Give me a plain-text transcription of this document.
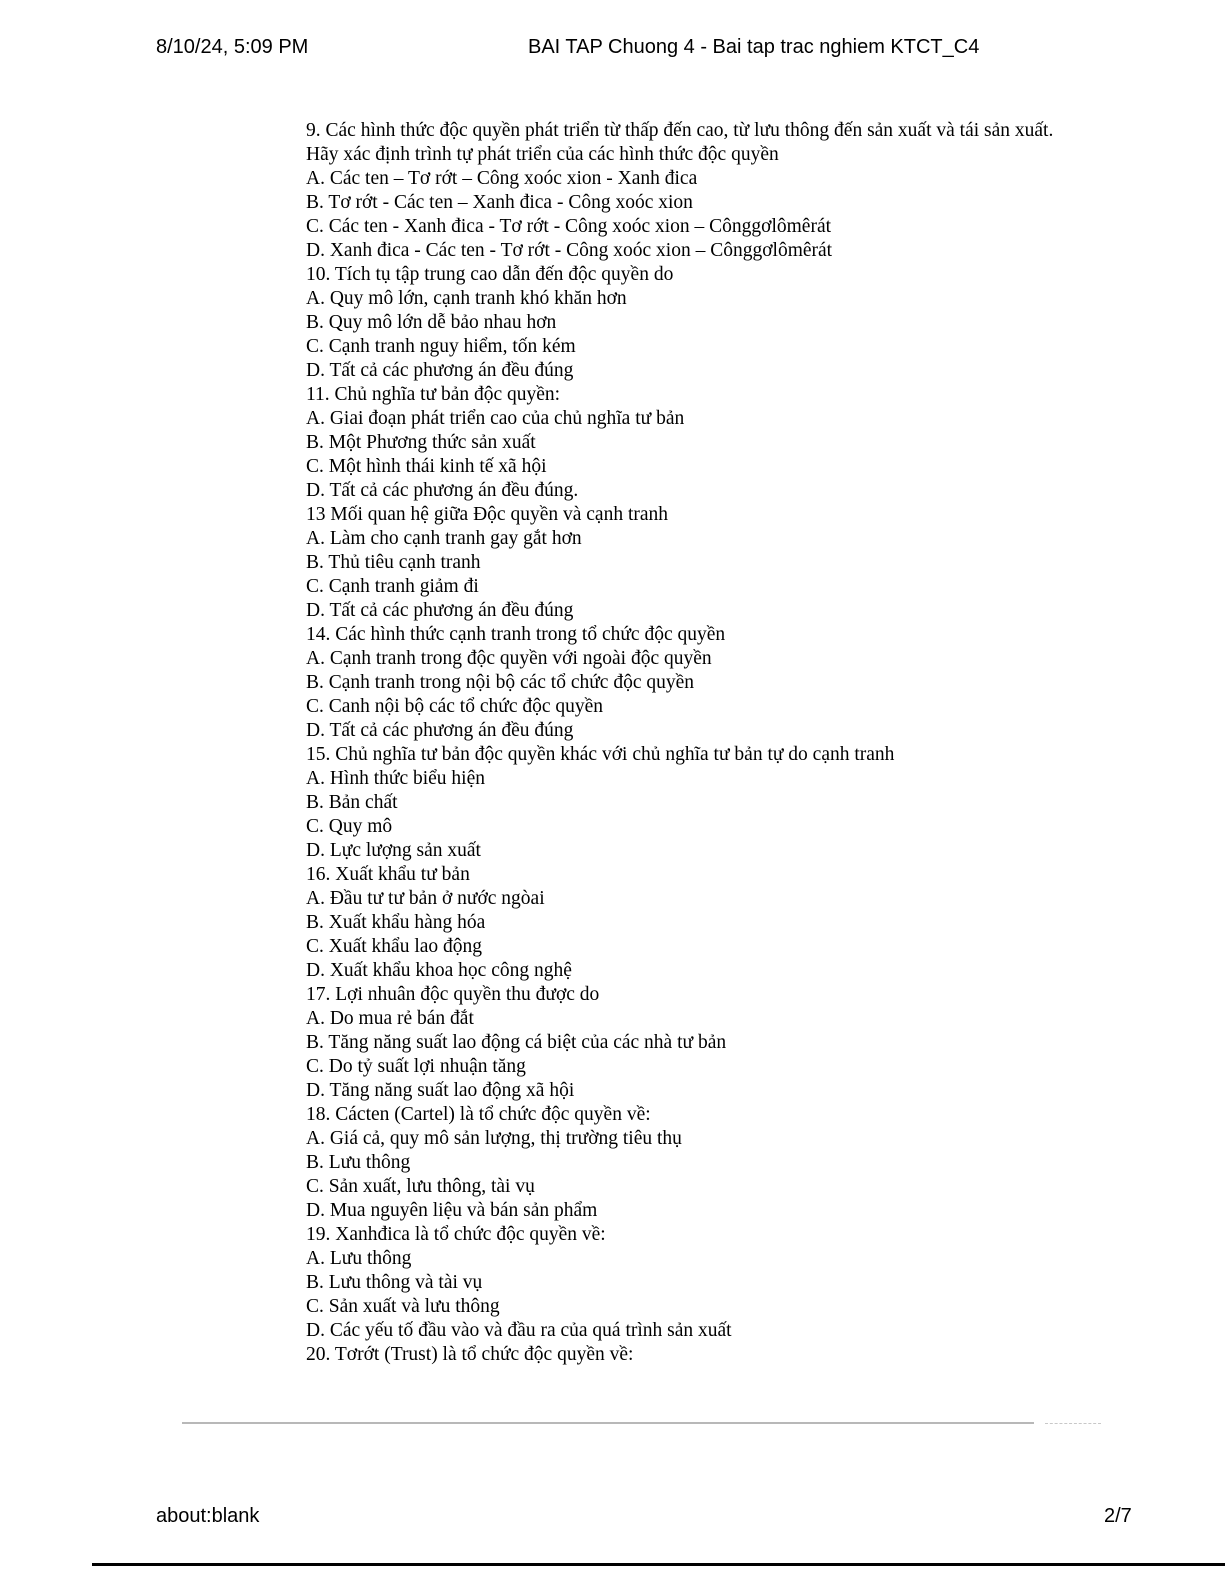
8/10/24, 5:09 PM	BAI TAP Chuong 4 - Bai tap trac nghiem KTCT_C4
9. Các hình thức độc quyền phát triển từ thấp đến cao, từ lưu thông đến sản xuất và tái sản xuất.
Hãy xác định trình tự phát triển của các hình thức độc quyền
A. Các ten – Tơ rớt – Công xoóc xion - Xanh đica
B. Tơ rớt - Các ten – Xanh đica - Công xoóc xion
C. Các ten - Xanh đica - Tơ rớt - Công xoóc xion – Cônggơlômêrát
D. Xanh đica - Các ten - Tơ rớt - Công xoóc xion – Cônggơlômêrát
10. Tích tụ tập trung cao dẫn đến độc quyền do
A. Quy mô lớn, cạnh tranh khó khăn hơn
B. Quy mô lớn dễ bảo nhau hơn
C. Cạnh tranh nguy hiểm, tốn kém
D. Tất cả các phương án đều đúng
11. Chủ nghĩa tư bản độc quyền:
A. Giai đoạn phát triển cao của chủ nghĩa tư bản
B. Một Phương thức sản xuất
C. Một hình thái kinh tế xã hội
D. Tất cả các phương án đều đúng.
13 Mối quan hệ giữa Độc quyền và cạnh tranh
A. Làm cho cạnh tranh gay gắt hơn
B. Thủ tiêu cạnh tranh
C. Cạnh tranh giảm đi
D. Tất cả các phương án đều đúng
14. Các hình thức cạnh tranh trong tổ chức độc quyền
A. Cạnh tranh trong độc quyền với ngoài độc quyền
B. Cạnh tranh trong nội bộ các tổ chức độc quyền
C. Canh nội bộ các tổ chức độc quyền
D. Tất cả các phương án đều đúng
15. Chủ nghĩa tư bản độc quyền khác với chủ nghĩa tư bản tự do cạnh tranh
A. Hình thức biểu hiện
B. Bản chất
C. Quy mô
D. Lực lượng sản xuất
16. Xuất khẩu tư bản
A. Đầu tư tư bản ở nước ngòai
B. Xuất khẩu hàng hóa
C. Xuất khẩu lao động
D. Xuất khẩu khoa học công nghệ
17. Lợi nhuân độc quyền thu được do
A. Do mua rẻ bán đắt
B. Tăng năng suất lao động cá biệt của các nhà tư bản
C. Do tỷ suất lợi nhuận tăng
D. Tăng năng suất lao động xã hội
18. Cácten (Cartel) là tổ chức độc quyền về:
A. Giá cả, quy mô sản lượng, thị trường tiêu thụ
B. Lưu thông
C. Sản xuất, lưu thông, tài vụ
D. Mua nguyên liệu và bán sản phẩm
19. Xanhđica là tổ chức độc quyền về:
A. Lưu thông
B. Lưu thông và tài vụ
C. Sản xuất và lưu thông
D. Các yếu tố đầu vào và đầu ra của quá trình sản xuất
20. Tơrớt (Trust) là tổ chức độc quyền về:
about:blank	2/7
